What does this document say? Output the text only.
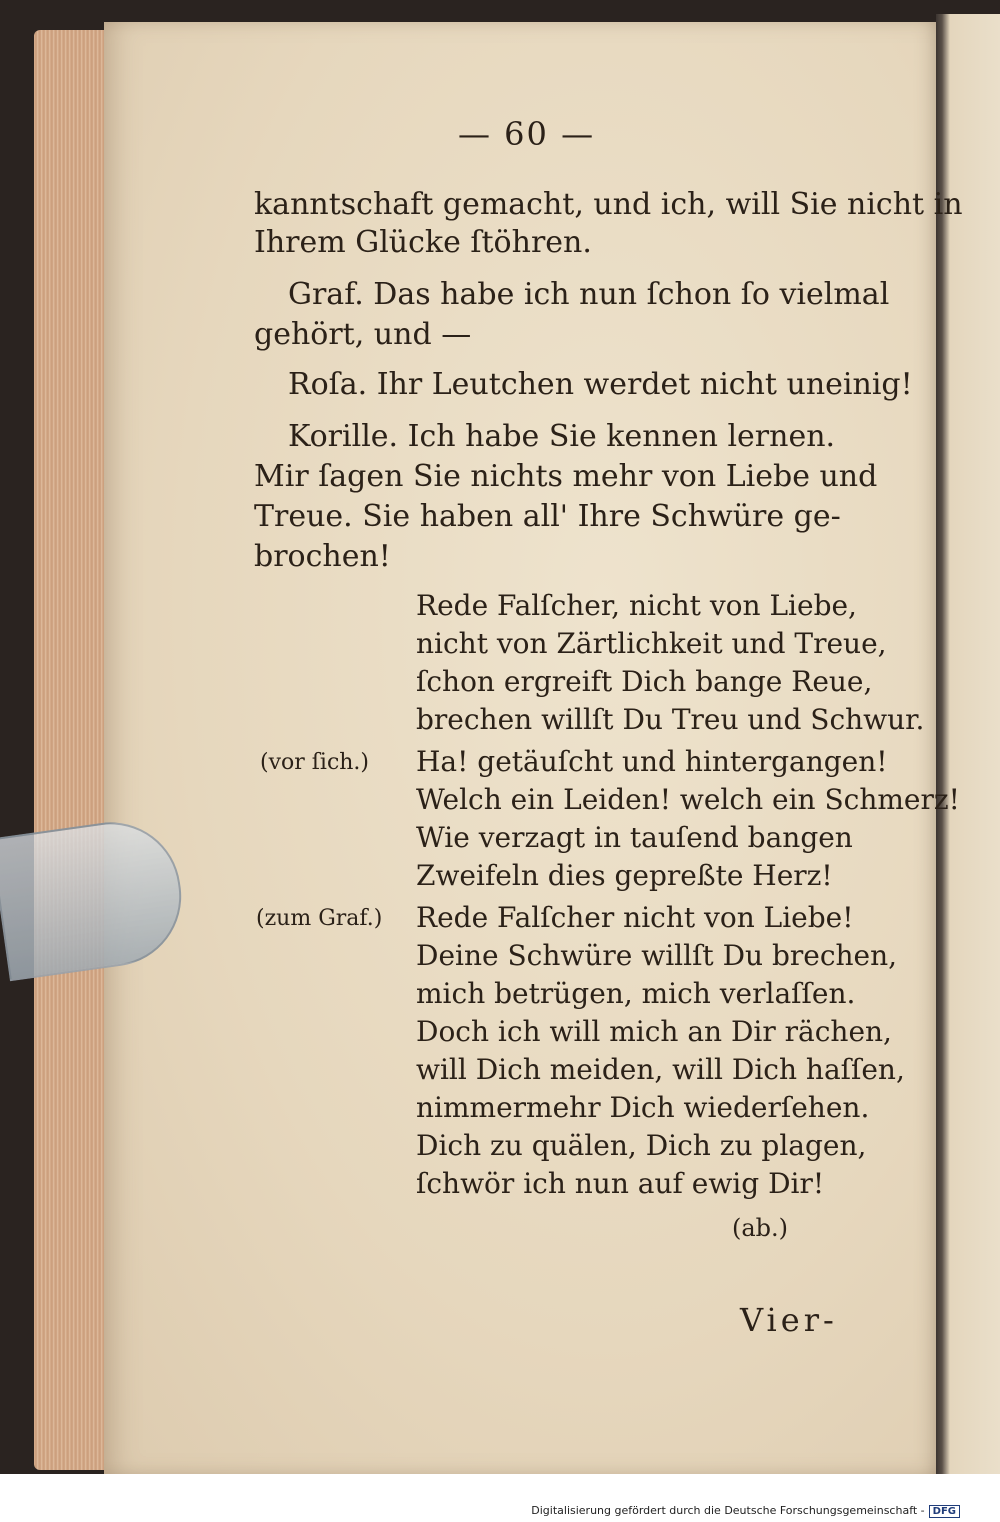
— 60 —
kanntschaft gemacht, und ich, will Sie nicht in
Ihrem Glücke ſtöhren.
Graf. Das habe ich nun ſchon ſo vielmal
gehört, und —
Roſa. Ihr Leutchen werdet nicht uneinig!
Korille. Ich habe Sie kennen lernen.
Mir ſagen Sie nichts mehr von Liebe und
Treue. Sie haben all' Ihre Schwüre ge-
brochen!
Rede Falſcher, nicht von Liebe,
nicht von Zärtlichkeit und Treue,
ſchon ergreift Dich bange Reue,
brechen willſt Du Treu und Schwur.
(vor ſich.) Ha! getäuſcht und hintergangen!
Welch ein Leiden! welch ein Schmerz!
Wie verzagt in tauſend bangen
Zweifeln dies gepreßte Herz!
(zum Graf.) Rede Falſcher nicht von Liebe!
Deine Schwüre willſt Du brechen,
mich betrügen, mich verlaſſen.
Doch ich will mich an Dir rächen,
will Dich meiden, will Dich haſſen,
nimmermehr Dich wiederſehen.
Dich zu quälen, Dich zu plagen,
ſchwör ich nun auf ewig Dir!
(ab.)
Vier-
Digitalisierung gefördert durch die Deutsche Forschungsgemeinschaft - DFG
